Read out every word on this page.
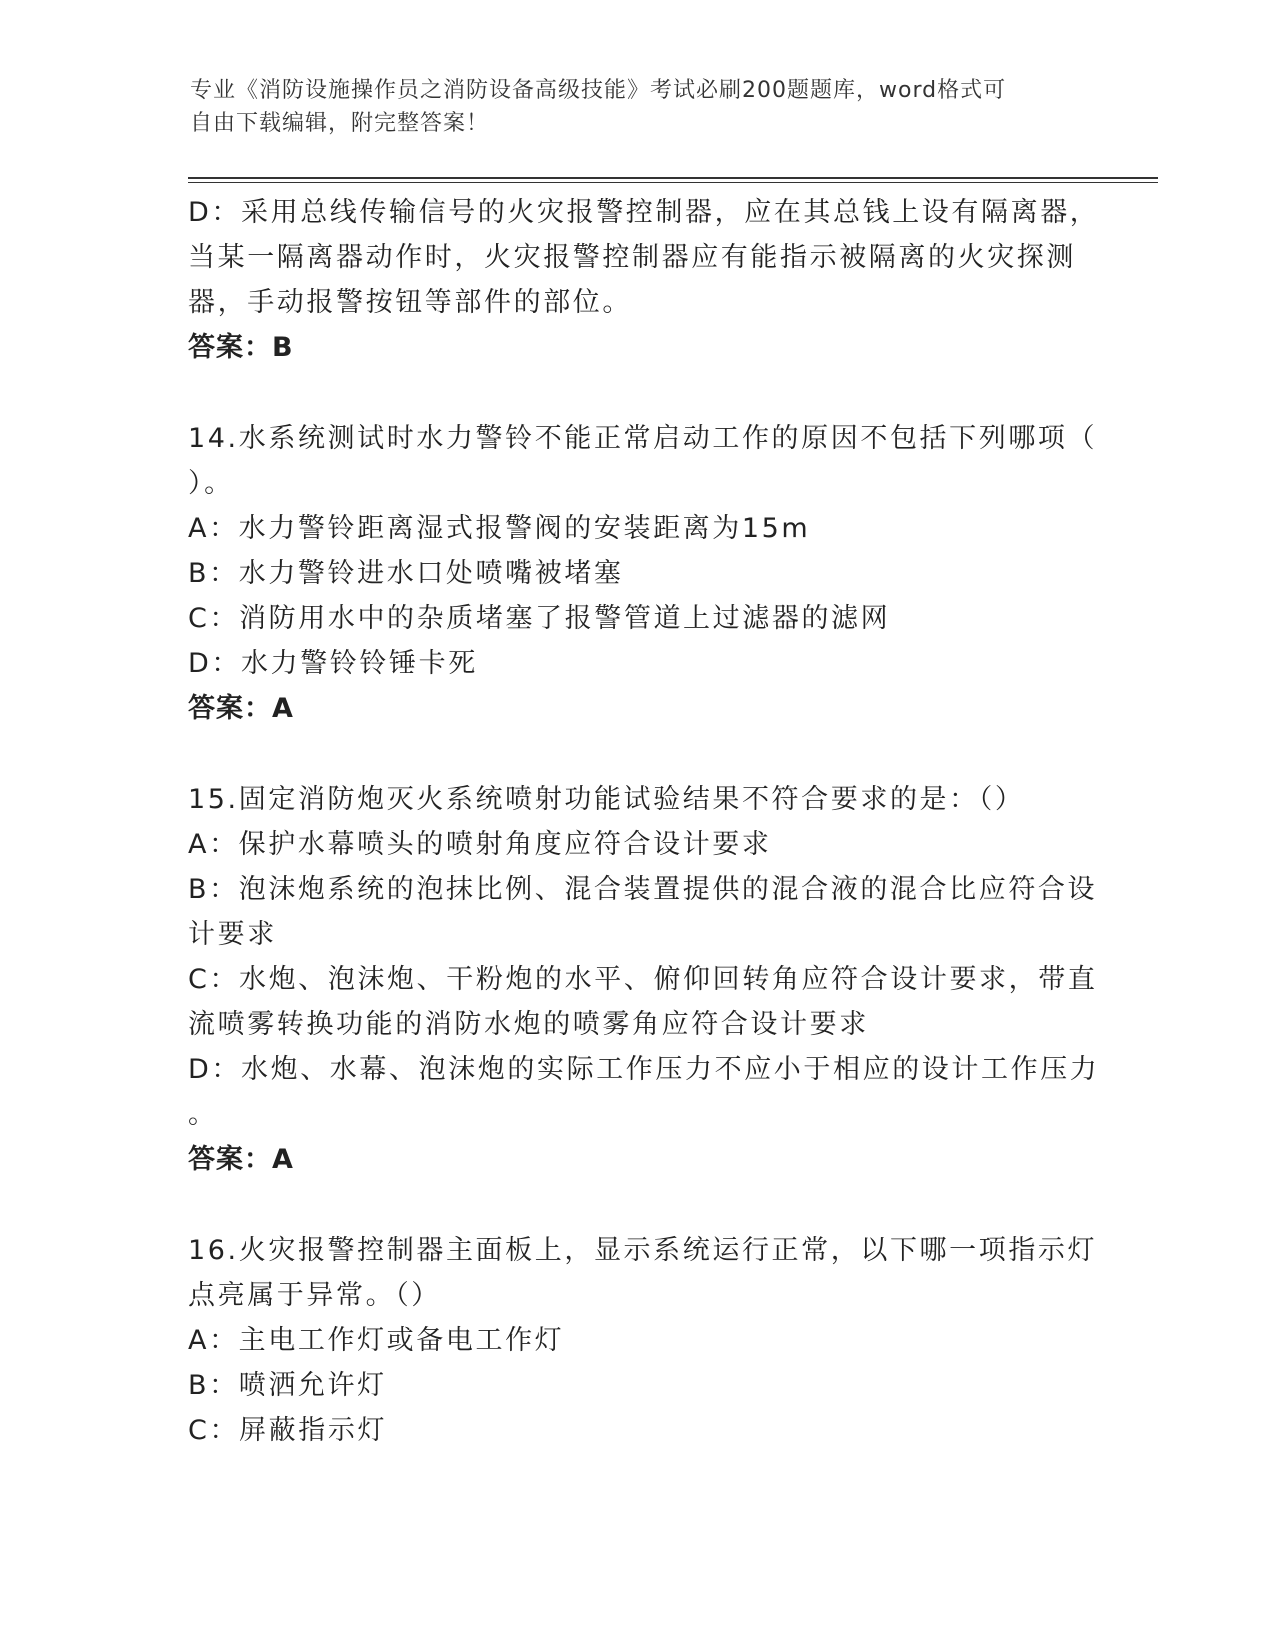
专业《消防设施操作员之消防设备高级技能》考试必刷200题题库，word格式可
自由下载编辑，附完整答案！
D：采用总线传输信号的火灾报警控制器，应在其总钱上设有隔离器，
当某一隔离器动作时，火灾报警控制器应有能指示被隔离的火灾探测
器，手动报警按钮等部件的部位。
答案：B
14.水系统测试时水力警铃不能正常启动工作的原因不包括下列哪项（
）。
A：水力警铃距离湿式报警阀的安装距离为15m
B：水力警铃进水口处喷嘴被堵塞
C：消防用水中的杂质堵塞了报警管道上过滤器的滤网
D：水力警铃铃锤卡死
答案：A
15.固定消防炮灭火系统喷射功能试验结果不符合要求的是：（）
A：保护水幕喷头的喷射角度应符合设计要求
B：泡沫炮系统的泡抹比例、混合装置提供的混合液的混合比应符合设
计要求
C：水炮、泡沫炮、干粉炮的水平、俯仰回转角应符合设计要求，带直
流喷雾转换功能的消防水炮的喷雾角应符合设计要求
D：水炮、水幕、泡沫炮的实际工作压力不应小于相应的设计工作压力
。
答案：A
16.火灾报警控制器主面板上，显示系统运行正常，以下哪一项指示灯
点亮属于异常。（）
A：主电工作灯或备电工作灯
B：喷洒允许灯
C：屏蔽指示灯
